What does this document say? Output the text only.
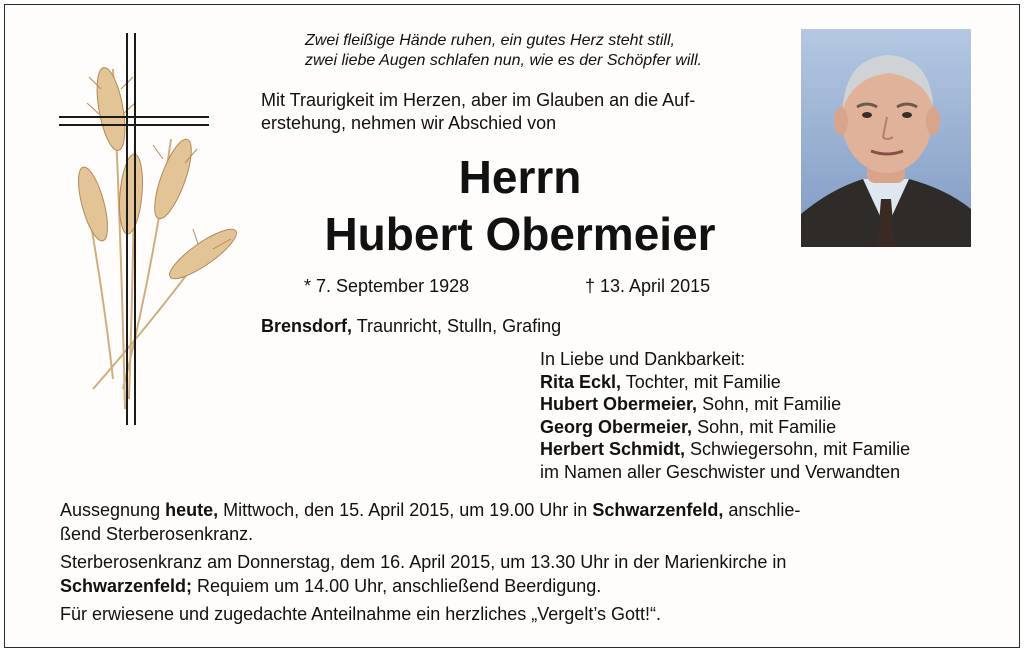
Zwei fleißige Hände ruhen, ein gutes Herz steht still,
zwei liebe Augen schlafen nun, wie es der Schöpfer will.
Mit Traurigkeit im Herzen, aber im Glauben an die Auf-
erstehung, nehmen wir Abschied von
Herrn
Hubert Obermeier
* 7. September 1928	† 13. April 2015
Brensdorf, Traunricht, Stulln, Grafing
In Liebe und Dankbarkeit:
Rita Eckl, Tochter, mit Familie
Hubert Obermeier, Sohn, mit Familie
Georg Obermeier, Sohn, mit Familie
Herbert Schmidt, Schwiegersohn, mit Familie
im Namen aller Geschwister und Verwandten
Aussegnung heute, Mittwoch, den 15. April 2015, um 19.00 Uhr in Schwarzenfeld, anschlie-
ßend Sterberosenkranz.
Sterberosenkranz am Donnerstag, dem 16. April 2015, um 13.30 Uhr in der Marienkirche in
Schwarzenfeld; Requiem um 14.00 Uhr, anschließend Beerdigung.
Für erwiesene und zugedachte Anteilnahme ein herzliches „Vergelt’s Gott!“.
